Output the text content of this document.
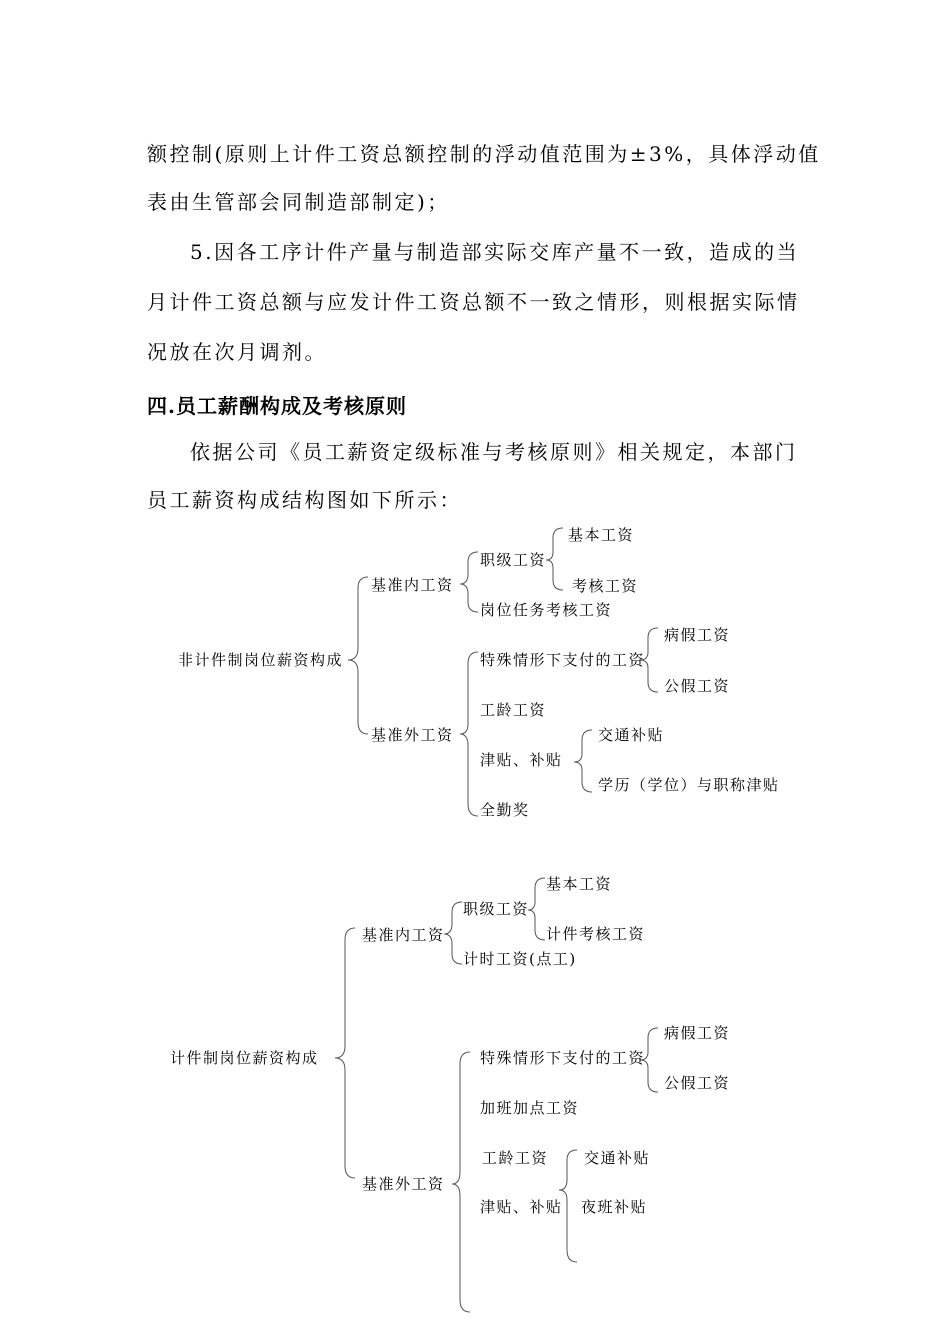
额控制(原则上计件工资总额控制的浮动值范围为±3%，具体浮动值
表由生管部会同制造部制定)；
5.因各工序计件产量与制造部实际交库产量不一致，造成的当
月计件工资总额与应发计件工资总额不一致之情形，则根据实际情
况放在次月调剂。
四.员工薪酬构成及考核原则
依据公司《员工薪资定级标准与考核原则》相关规定，本部门
员工薪资构成结构图如下所示：
非计件制岗位薪资构成
基准内工资
职级工资
基本工资
考核工资
岗位任务考核工资
基准外工资
特殊情形下支付的工资
病假工资
公假工资
工龄工资
津贴、补贴
交通补贴
学历（学位）与职称津贴
全勤奖
计件制岗位薪资构成
基准内工资
职级工资
基本工资
计件考核工资
计时工资(点工)
基准外工资
特殊情形下支付的工资
病假工资
公假工资
加班加点工资
工龄工资
津贴、补贴
交通补贴
夜班补贴
